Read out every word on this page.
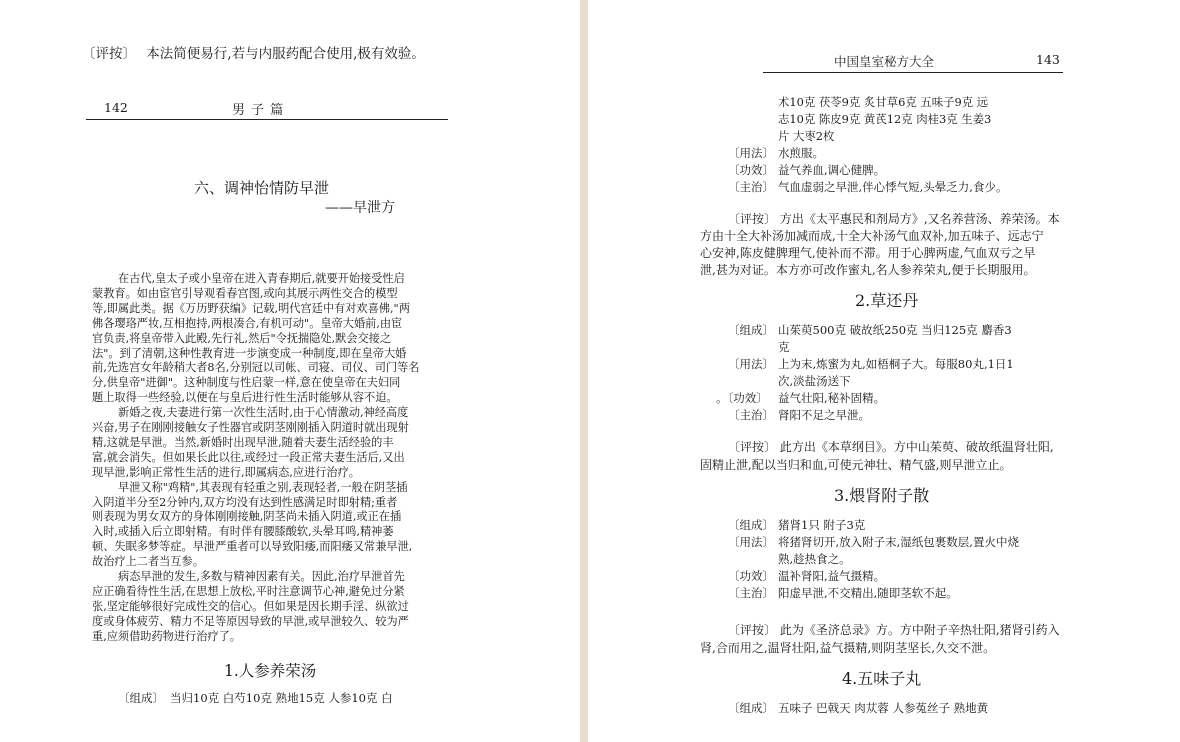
〔评按〕 本法简便易行,若与内服药配合使用,极有效验。
142	男 子 篇
六、调神怡情防早泄
——早泄方
在古代,皇太子或小皇帝在进入青春期后,就要开始接受性启
蒙教育。如由宦官引导观看春宫图,或向其展示两性交合的模型
等,即属此类。据《万历野获编》记载,明代宫廷中有对欢喜佛,"两
佛各璎珞严妆,互相抱持,两根凑合,有机可动"。皇帝大婚前,由宦
官负责,将皇帝带入此殿,先行礼,然后"令抚揣隐处,默会交接之
法"。到了清朝,这种性教育进一步演变成一种制度,即在皇帝大婚
前,先选宫女年龄稍大者8名,分别冠以司帐、司寝、司仪、司门等名
分,供皇帝"进御"。这种制度与性启蒙一样,意在使皇帝在夫妇同
题上取得一些经验,以便在与皇后进行性生活时能够从容不迫。
新婚之夜,夫妻进行第一次性生活时,由于心情激动,神经高度
兴奋,男子在刚刚接触女子性器官或阴茎刚刚插入阴道时就出现射
精,这就是早泄。当然,新婚时出现早泄,随着夫妻生活经验的丰
富,就会消失。但如果长此以往,或经过一段正常夫妻生活后,又出
现早泄,影响正常性生活的进行,即属病态,应进行治疗。
早泄又称"鸡精",其表现有轻重之别,表现轻者,一般在阴茎插
入阴道半分至2分钟内,双方均没有达到性感满足时即射精;重者
则表现为男女双方的身体刚刚接触,阴茎尚未插入阴道,或正在插
入时,或插入后立即射精。有时伴有腰膝酸软,头晕耳鸣,精神萎
顿、失眠多梦等症。早泄严重者可以导致阳痿,而阳痿又常兼早泄,
故治疗上二者当互参。
病态早泄的发生,多数与精神因素有关。因此,治疗早泄首先
应正确看待性生活,在思想上放松,平时注意调节心神,避免过分紧
张,坚定能够很好完成性交的信心。但如果是因长期手淫、纵欲过
度或身体疲劳、精力不足等原因导致的早泄,或早泄较久、较为严
重,应须借助药物进行治疗了。
1.人参养荣汤
〔组成〕 当归10克 白芍10克 熟地15克 人参10克 白
中国皇室秘方大全	143
术10克 茯苓9克 炙甘草6克 五味子9克 远
志10克 陈皮9克 黄芪12克 肉桂3克 生姜3
片 大枣2枚
〔用法〕 水煎服。
〔功效〕 益气养血,调心健脾。
〔主治〕 气血虚弱之早泄,伴心悸气短,头晕乏力,食少。
〔评按〕 方出《太平惠民和剂局方》,又名养营汤、养荣汤。本
方由十全大补汤加减而成,十全大补汤气血双补,加五味子、远志宁
心安神,陈皮健脾理气,使补而不滞。用于心脾两虚,气血双亏之早
泄,甚为对证。本方亦可改作蜜丸,名人参养荣丸,便于长期服用。
2.草还丹
〔组成〕 山茱萸500克 破故纸250克 当归125克 麝香3
克
〔用法〕 上为末,炼蜜为丸,如梧桐子大。每服80丸,1日1
次,淡盐汤送下
。〔功效〕 益气壮阳,秘补固精。
〔主治〕 肾阳不足之早泄。
〔评按〕 此方出《本草纲目》。方中山茱萸、破故纸温肾壮阳,
固精止泄,配以当归和血,可使元神壮、精气盛,则早泄立止。
3.煨肾附子散
〔组成〕 猪肾1只 附子3克
〔用法〕 将猪肾切开,放入附子末,湿纸包裹数层,置火中烧
熟,趁热食之。
〔功效〕 温补肾阳,益气摄精。
〔主治〕 阳虚早泄,不交精出,随即茎软不起。
〔评按〕 此为《圣济总录》方。方中附子辛热壮阳,猪肾引药入
肾,合而用之,温肾壮阳,益气摄精,则阴茎坚长,久交不泄。
4.五味子丸
〔组成〕 五味子 巴戟天 肉苁蓉 人参菟丝子 熟地黄
